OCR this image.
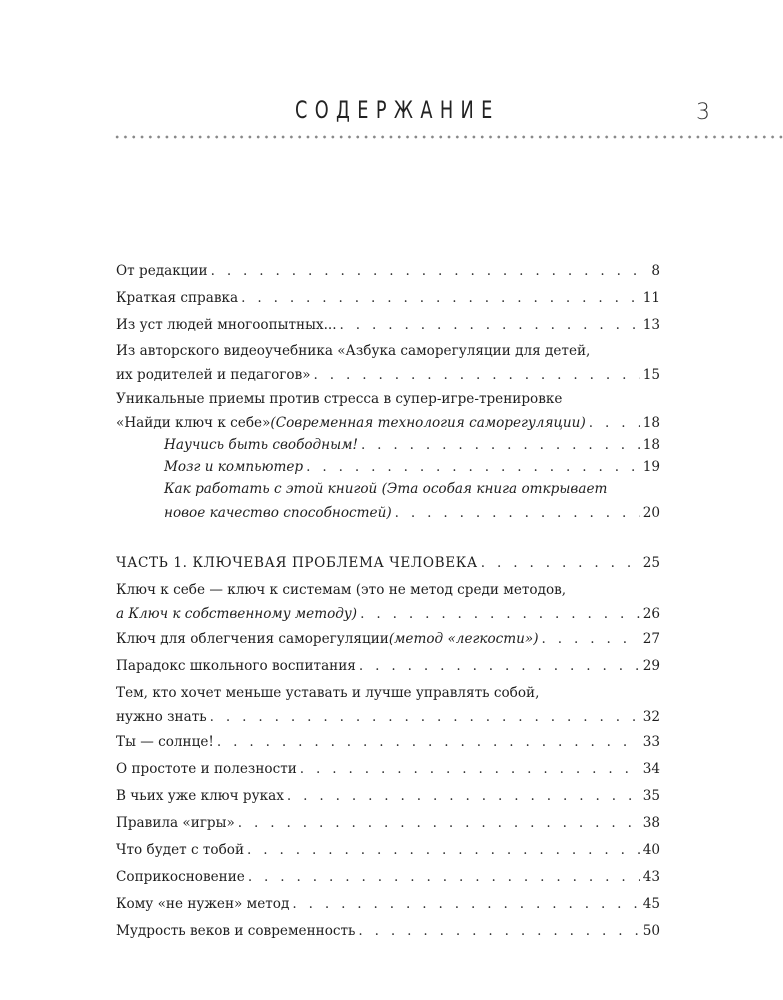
СОДЕРЖАНИЕ	3
От редакции . . .	8
Краткая справка . . .	11
Из уст людей многоопытных... . . .	13
Из авторского видеоучебника «Азбука саморегуляции для детей,
их родителей и педагогов» . . .	15
Уникальные приемы против стресса в супер-игре-тренировке
«Найди ключ к себе» (Современная технология саморегуляции) . . .	18
Научись быть свободным! . . .	18
Мозг и компьютер . . .	19
Как работать с этой книгой (Эта особая книга открывает
новое качество способностей) . . .	20
ЧАСТЬ 1. КЛЮЧЕВАЯ ПРОБЛЕМА ЧЕЛОВЕКА . . .	25
Ключ к себе — ключ к системам (это не метод среди методов,
а Ключ к собственному методу) . . .	26
Ключ для облегчения саморегуляции (метод «легкости») . . .	27
Парадокс школьного воспитания . . .	29
Тем, кто хочет меньше уставать и лучше управлять собой,
нужно знать . . .	32
Ты — солнце! . . .	33
О простоте и полезности . . .	34
В чьих уже ключ руках . . .	35
Правила «игры» . . .	38
Что будет с тобой . . .	40
Соприкосновение . . .	43
Кому «не нужен» метод . . .	45
Мудрость веков и современность . . .	50
